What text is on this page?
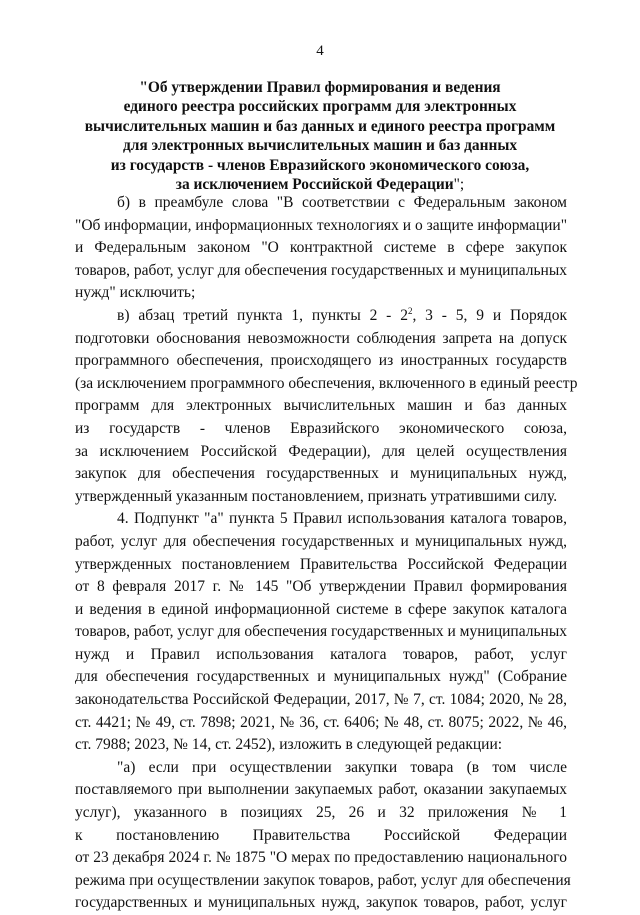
4
"Об утверждении Правил формирования и ведения
единого реестра российских программ для электронных
вычислительных машин и баз данных и единого реестра программ
для электронных вычислительных машин и баз данных
из государств - членов Евразийского экономического союза,
за исключением Российской Федерации";
б) в преамбуле слова "В соответствии с Федеральным законом
"Об информации, информационных технологиях и о защите информации"
и Федеральным законом "О контрактной системе в сфере закупок
товаров, работ, услуг для обеспечения государственных и муниципальных
нужд" исключить;
в) абзац третий пункта 1, пункты $2 - 2^2$, 3 - 5, 9 и Порядок
подготовки обоснования невозможности соблюдения запрета на допуск
программного обеспечения, происходящего из иностранных государств
(за исключением программного обеспечения, включенного в единый реестр
программ для электронных вычислительных машин и баз данных
из государств - членов Евразийского экономического союза,
за исключением Российской Федерации), для целей осуществления
закупок для обеспечения государственных и муниципальных нужд,
утвержденный указанным постановлением, признать утратившими силу.
4. Подпункт "а" пункта 5 Правил использования каталога товаров,
работ, услуг для обеспечения государственных и муниципальных нужд,
утвержденных постановлением Правительства Российской Федерации
от 8 февраля 2017 г. № 145 "Об утверждении Правил формирования
и ведения в единой информационной системе в сфере закупок каталога
товаров, работ, услуг для обеспечения государственных и муниципальных
нужд и Правил использования каталога товаров, работ, услуг
для обеспечения государственных и муниципальных нужд" (Собрание
законодательства Российской Федерации, 2017, № 7, ст. 1084; 2020, № 28,
ст. 4421; № 49, ст. 7898; 2021, № 36, ст. 6406; № 48, ст. 8075; 2022, № 46,
ст. 7988; 2023, № 14, ст. 2452), изложить в следующей редакции:
"а) если при осуществлении закупки товара (в том числе
поставляемого при выполнении закупаемых работ, оказании закупаемых
услуг), указанного в позициях 25, 26 и 32 приложения № 1
к постановлению Правительства Российской Федерации
от 23 декабря 2024 г. № 1875 "О мерах по предоставлению национального
режима при осуществлении закупок товаров, работ, услуг для обеспечения
государственных и муниципальных нужд, закупок товаров, работ, услуг
